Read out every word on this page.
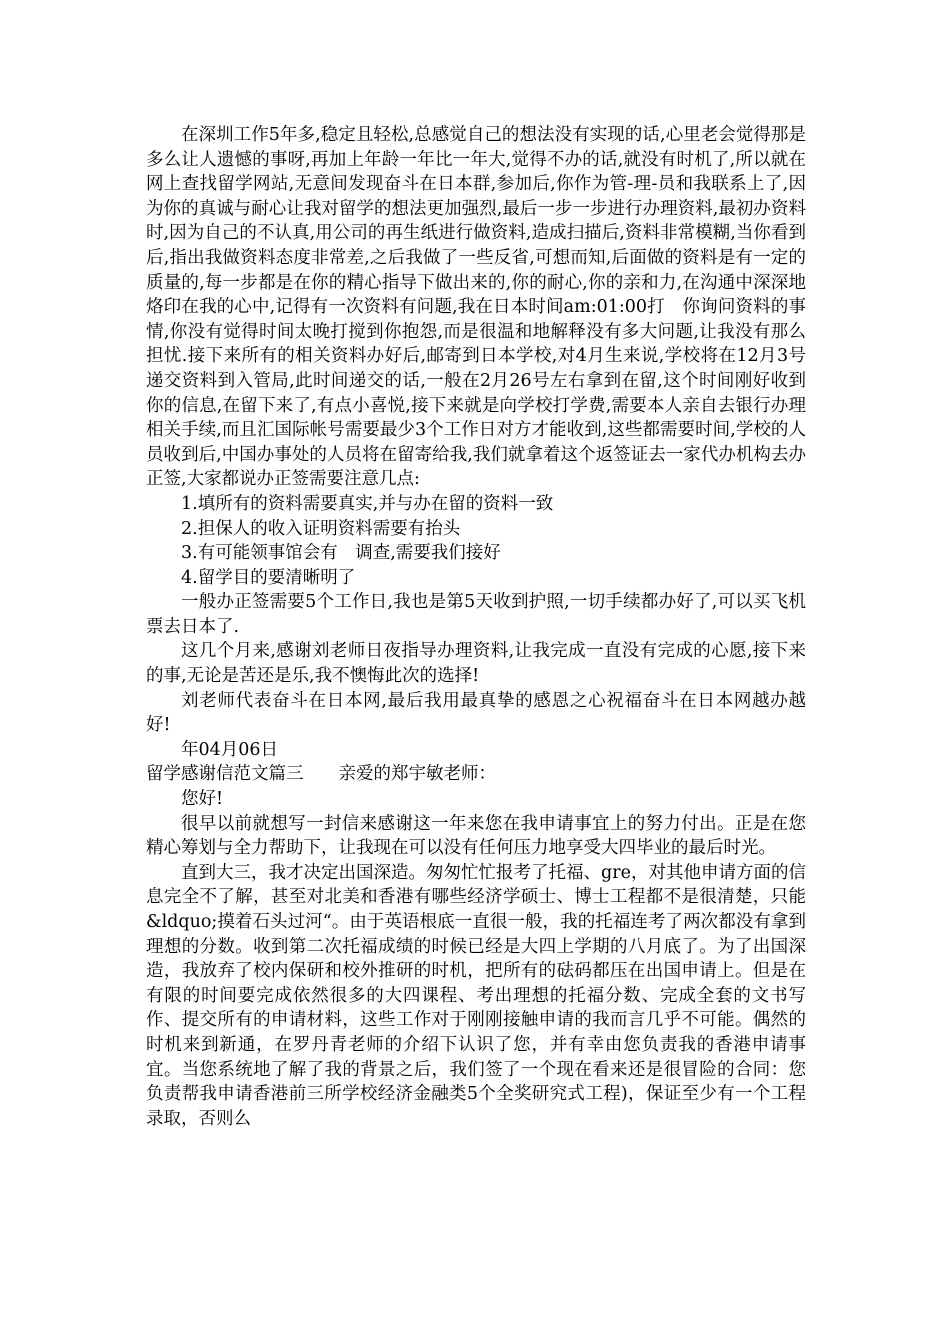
在深圳工作5年多,稳定且轻松,总感觉自己的想法没有实现的话,心里老会觉得那是多么让人遗憾的事呀,再加上年龄一年比一年大,觉得不办的话,就没有时机了,所以就在网上查找留学网站,无意间发现奋斗在日本群,参加后,你作为管-理-员和我联系上了,因为你的真诚与耐心让我对留学的想法更加强烈,最后一步一步进行办理资料,最初办资料时,因为自己的不认真,用公司的再生纸进行做资料,造成扫描后,资料非常模糊,当你看到后,指出我做资料态度非常差,之后我做了一些反省,可想而知,后面做的资料是有一定的质量的,每一步都是在你的精心指导下做出来的,你的耐心,你的亲和力,在沟通中深深地烙印在我的心中,记得有一次资料有问题,我在日本时间am:01:00打　你询问资料的事情,你没有觉得时间太晚打搅到你抱怨,而是很温和地解释没有多大问题,让我没有那么担忧.接下来所有的相关资料办好后,邮寄到日本学校,对4月生来说,学校将在12月3号递交资料到入管局,此时间递交的话,一般在2月26号左右拿到在留,这个时间刚好收到你的信息,在留下来了,有点小喜悦,接下来就是向学校打学费,需要本人亲自去银行办理相关手续,而且汇国际帐号需要最少3个工作日对方才能收到,这些都需要时间,学校的人员收到后,中国办事处的人员将在留寄给我,我们就拿着这个返签证去一家代办机构去办正签,大家都说办正签需要注意几点:

1.填所有的资料需要真实,并与办在留的资料一致

2.担保人的收入证明资料需要有抬头

3.有可能领事馆会有　调查,需要我们接好

4.留学目的要清晰明了

一般办正签需要5个工作日,我也是第5天收到护照,一切手续都办好了,可以买飞机票去日本了.

这几个月来,感谢刘老师日夜指导办理资料,让我完成一直没有完成的心愿,接下来的事,无论是苦还是乐,我不懊悔此次的选择!

刘老师代表奋斗在日本网,最后我用最真挚的感恩之心祝福奋斗在日本网越办越好!

年04月06日

留学感谢信范文篇三　　亲爱的郑宇敏老师：

您好!

很早以前就想写一封信来感谢这一年来您在我申请事宜上的努力付出。正是在您精心筹划与全力帮助下，让我现在可以没有任何压力地享受大四毕业的最后时光。

直到大三，我才决定出国深造。匆匆忙忙报考了托福、gre，对其他申请方面的信息完全不了解，甚至对北美和香港有哪些经济学硕士、博士工程都不是很清楚，只能&ldquo;摸着石头过河“。由于英语根底一直很一般，我的托福连考了两次都没有拿到理想的分数。收到第二次托福成绩的时候已经是大四上学期的八月底了。为了出国深造，我放弃了校内保研和校外推研的时机，把所有的砝码都压在出国申请上。但是在有限的时间要完成依然很多的大四课程、考出理想的托福分数、完成全套的文书写作、提交所有的申请材料，这些工作对于刚刚接触申请的我而言几乎不可能。偶然的时机来到新通，在罗丹青老师的介绍下认识了您，并有幸由您负责我的香港申请事宜。当您系统地了解了我的背景之后，我们签了一个现在看来还是很冒险的合同：您负责帮我申请香港前三所学校经济金融类5个全奖研究式工程)，保证至少有一个工程录取，否则么
